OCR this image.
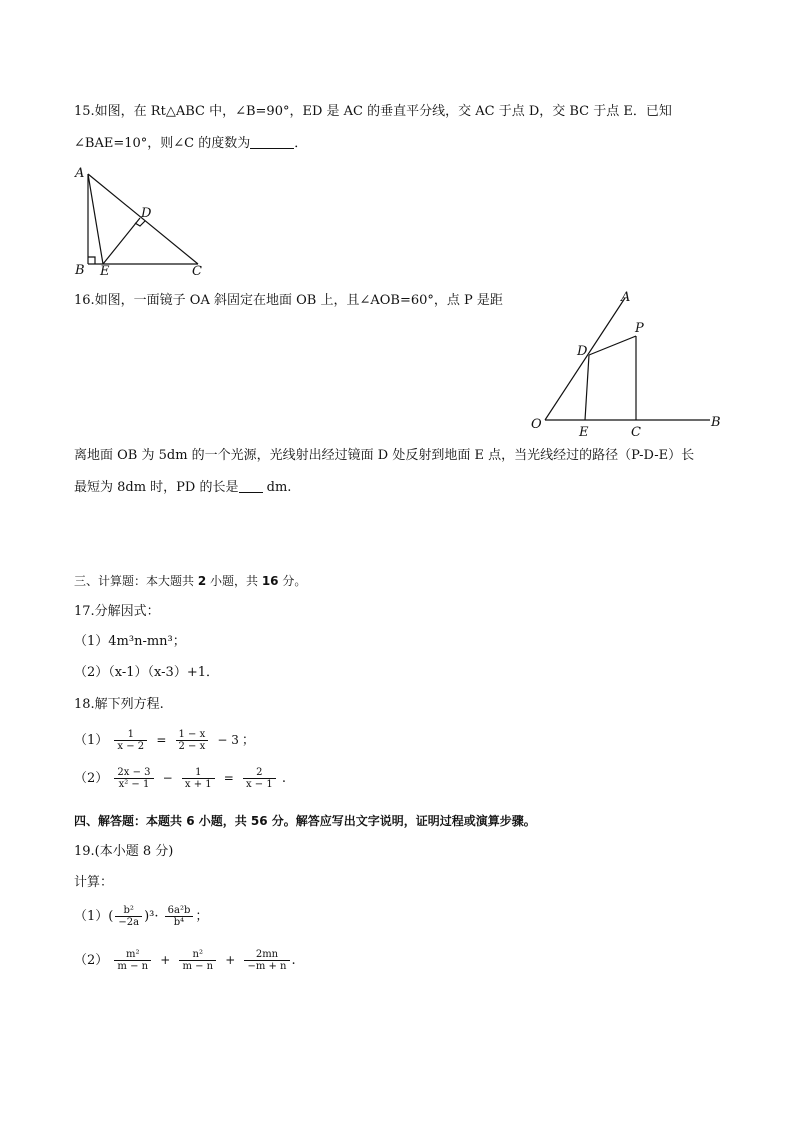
15.如图，在 Rt△ABC 中，∠B=90°，ED 是 AC 的垂直平分线，交 AC 于点 D，交 BC 于点 E．已知
∠BAE=10°，则∠C 的度数为	．
A
B E	C
D
16.如图，一面镜子 OA 斜固定在地面 OB 上，且∠AOB=60°，点 P 是距	A
P
D
O
E	C
B
离地面 OB 为 5dm 的一个光源，光线射出经过镜面 D 处反射到地面 E 点，当光线经过的路径（P-D-E）长
最短为 8dm 时，PD 的长是 dm.
三、计算题：本大题共 2 小题，共 16 分。
17.分解因式：
（1）4m³n-mn³；
（2）（x-1）（x-3）+1．
18.解下列方程.
$(1) \frac{1}{x - 2} = \frac{1 - x}{2 - x} - 3$ ；
$(2) \frac{2x - 3}{\text{x² − 1}} - \frac{1}{x + 1} = \frac{2}{x - 1}$ .
四、解答题：本题共 6 小题，共 56 分。解答应写出文字说明，证明过程或演算步骤。
19.(本小题 8 分)
计算：
$(1)( \frac{\text{b²}}{-2a} )^3\cdot \frac{\text{6a²b}}{\text{b⁴}}$ ；
$(2) \frac{\text{m²}}{m - n} + \frac{\text{n²}}{m - n} + \frac{2mn}{-m + n}$ .
